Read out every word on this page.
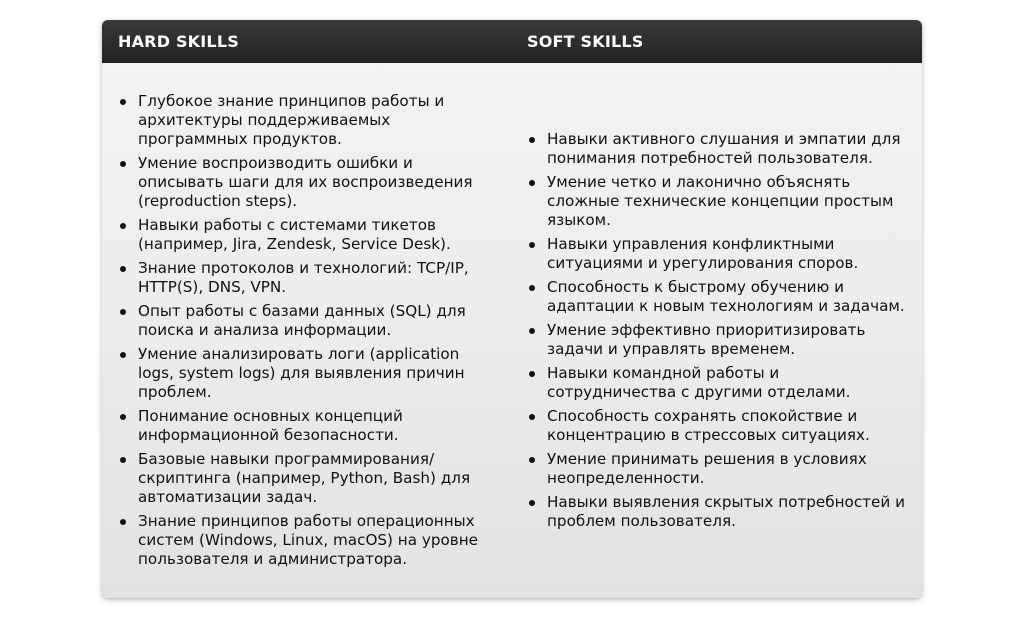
HARD SKILLS	SOFT SKILLS
Глубокое знание принципов работы и архитектуры поддерживаемых программных продуктов.
Умение воспроизводить ошибки и описывать шаги для их воспроизведения (reproduction steps).
Навыки работы с системами тикетов (например, Jira, Zendesk, Service Desk).
Знание протоколов и технологий: TCP/IP, HTTP(S), DNS, VPN.
Опыт работы с базами данных (SQL) для поиска и анализа информации.
Умение анализировать логи (application logs, system logs) для выявления причин проблем.
Понимание основных концепций информационной безопасности.
Базовые навыки программирования/скриптинга (например, Python, Bash) для автоматизации задач.
Знание принципов работы операционных систем (Windows, Linux, macOS) на уровне пользователя и администратора.
Навыки активного слушания и эмпатии для понимания потребностей пользователя.
Умение четко и лаконично объяснять сложные технические концепции простым языком.
Навыки управления конфликтными ситуациями и урегулирования споров.
Способность к быстрому обучению и адаптации к новым технологиям и задачам.
Умение эффективно приоритизировать задачи и управлять временем.
Навыки командной работы и сотрудничества с другими отделами.
Способность сохранять спокойствие и концентрацию в стрессовых ситуациях.
Умение принимать решения в условиях неопределенности.
Навыки выявления скрытых потребностей и проблем пользователя.
